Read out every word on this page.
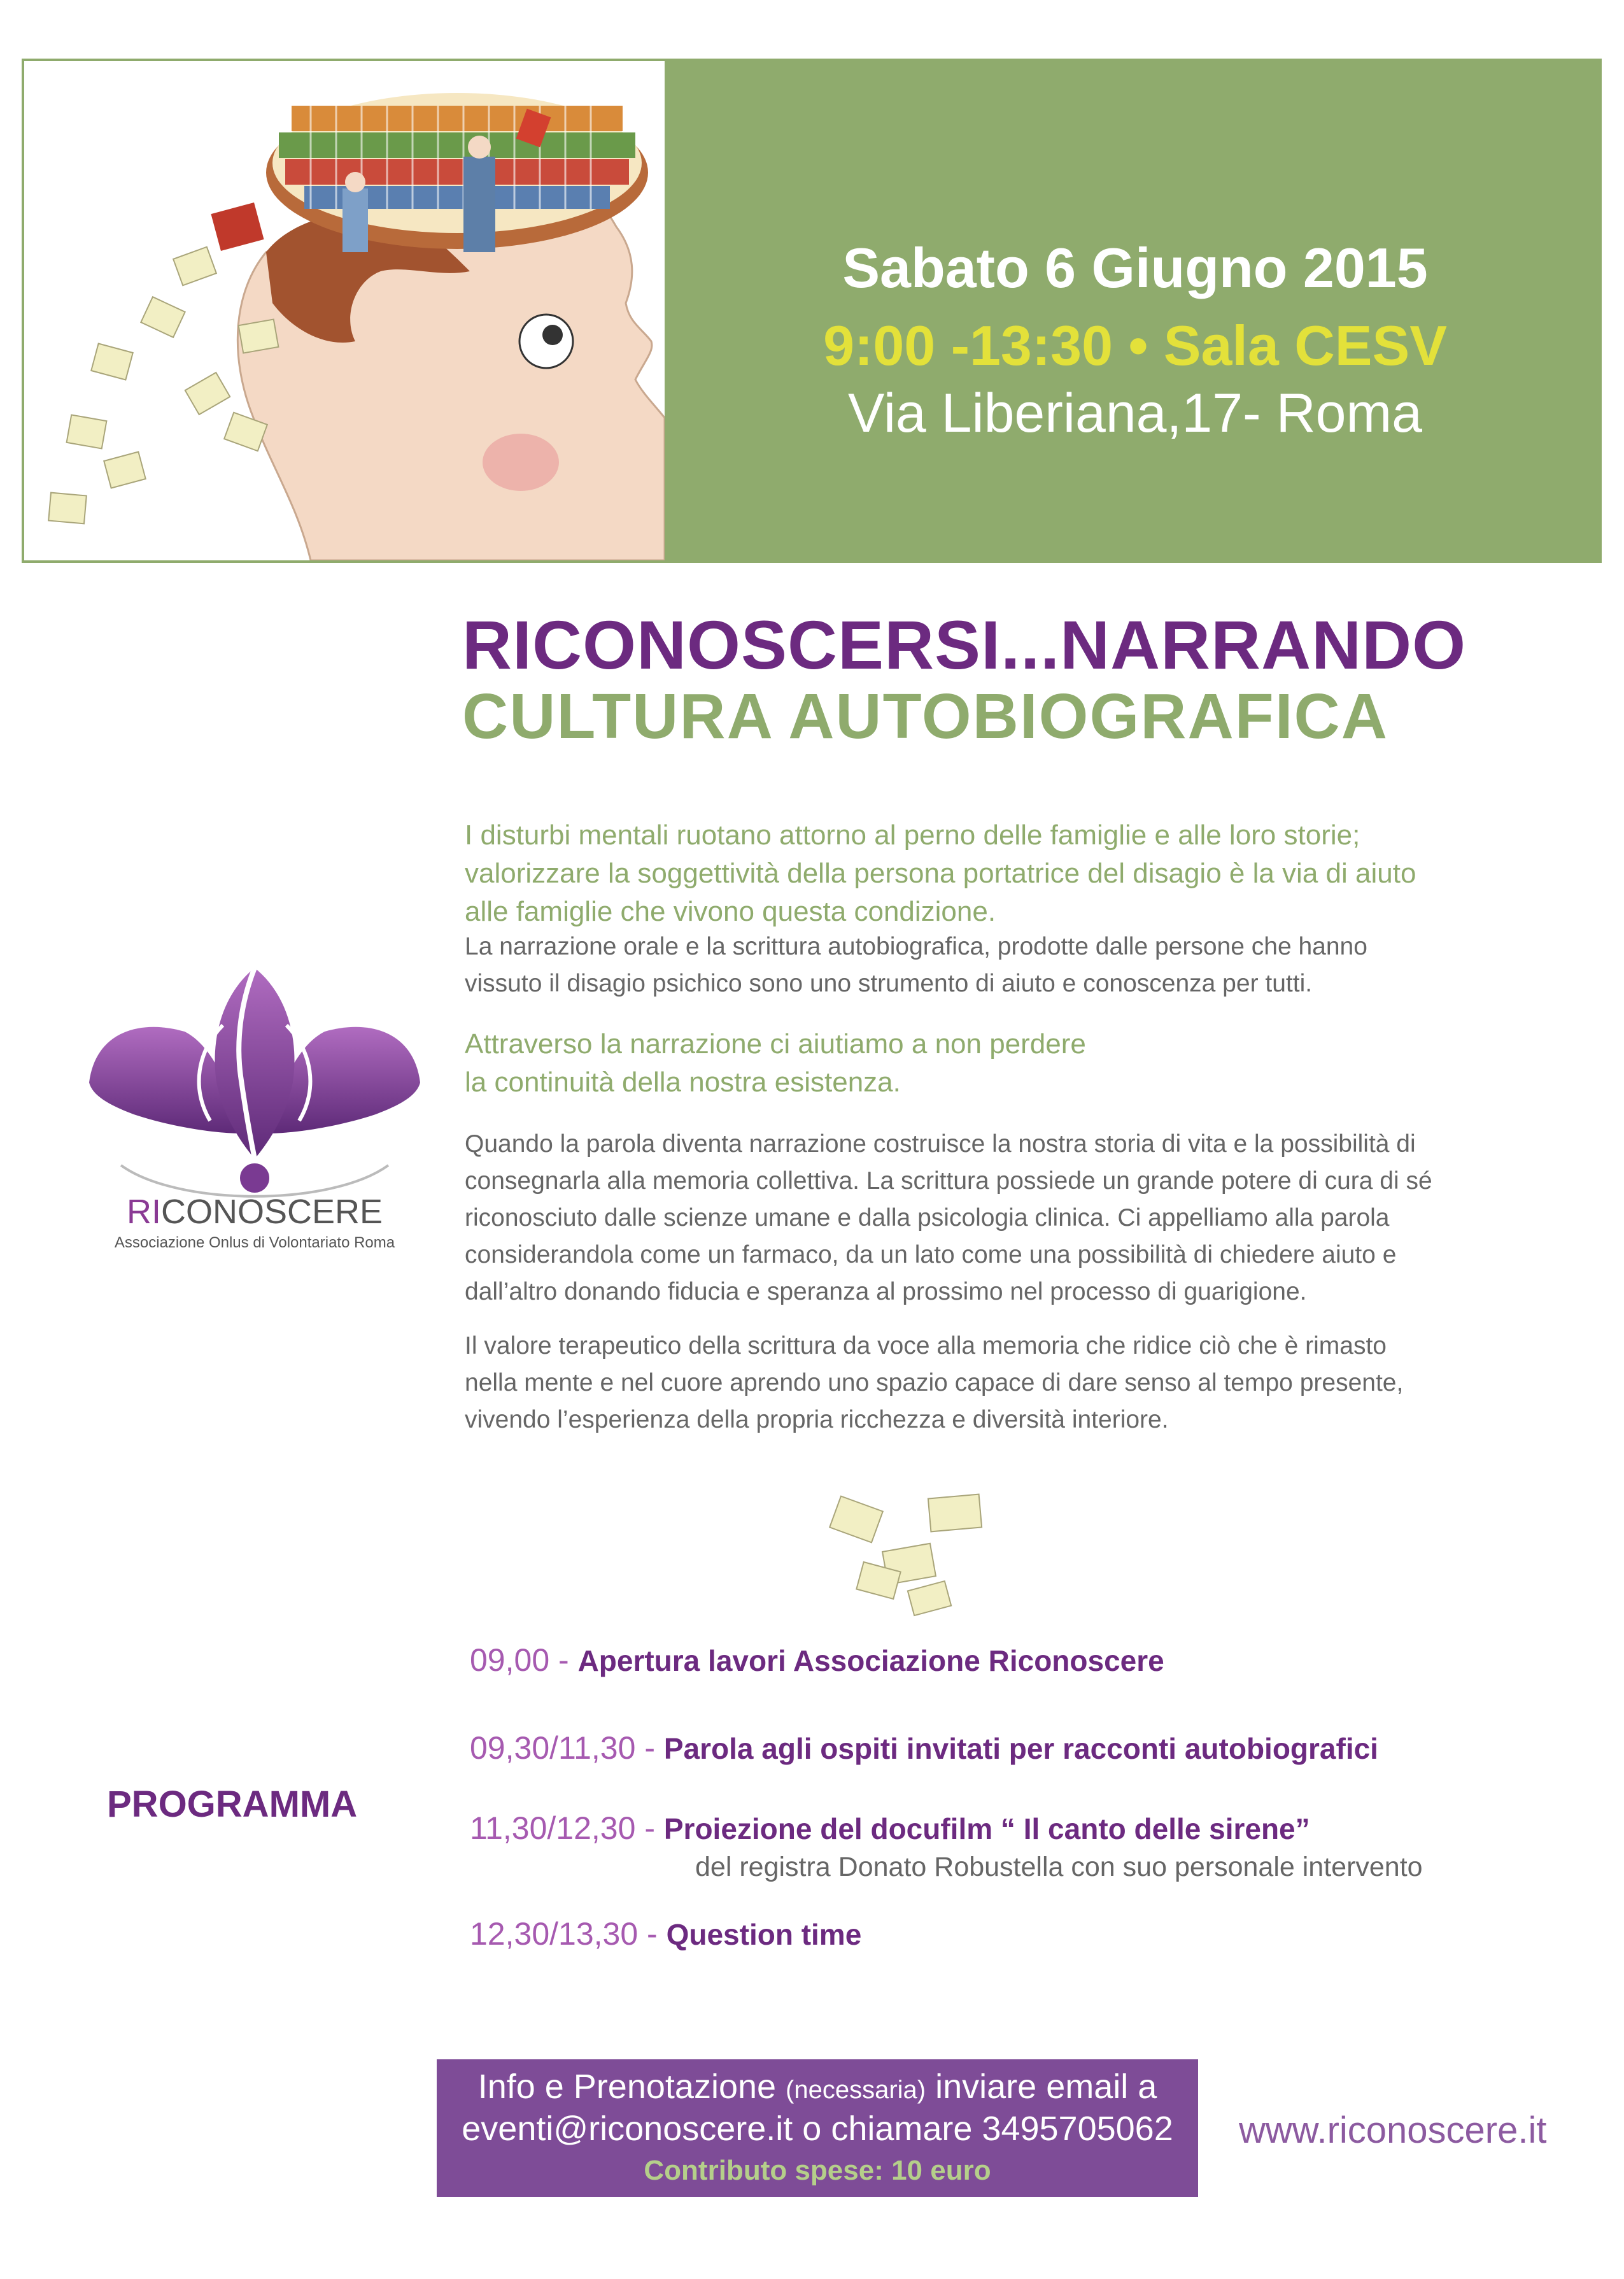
Sabato 6 Giugno 2015
9:00 -13:30 • Sala CESV
Via Liberiana,17- Roma
RICONOSCERSI...NARRANDO
CULTURA AUTOBIOGRAFICA
I disturbi mentali ruotano attorno al perno delle famiglie e alle loro storie;
valorizzare la soggettività della persona portatrice del disagio è la via di aiuto
alle famiglie che vivono questa condizione.
La narrazione orale e la scrittura autobiografica, prodotte dalle persone che hanno
vissuto il disagio psichico sono uno strumento di aiuto e conoscenza per tutti.
Attraverso la narrazione ci aiutiamo a non perdere
la continuità della nostra esistenza.
Quando la parola diventa narrazione costruisce la nostra storia di vita e la possibilità di
consegnarla alla memoria collettiva. La scrittura possiede un grande potere di cura di sé
riconosciuto dalle scienze umane e dalla psicologia clinica. Ci appelliamo alla parola
considerandola come un farmaco, da un lato come una possibilità di chiedere aiuto e
dall’altro donando fiducia e speranza al prossimo nel processo di guarigione.
Il valore terapeutico della scrittura da voce alla memoria che ridice ciò che è rimasto
nella mente e nel cuore aprendo uno spazio capace di dare senso al tempo presente,
vivendo l’esperienza della propria ricchezza e diversità interiore.
RICONOSCERE
Associazione Onlus di Volontariato Roma
PROGRAMMA
09,00 - Apertura lavori Associazione Riconoscere
09,30/11,30 - Parola agli ospiti invitati per racconti autobiografici
11,30/12,30 - Proiezione del docufilm “ Il canto delle sirene”
del registra Donato Robustella con suo personale intervento
12,30/13,30 - Question time
Info e Prenotazione (necessaria) inviare email a
eventi@riconoscere.it o chiamare 3495705062
Contributo spese: 10 euro
www.riconoscere.it
